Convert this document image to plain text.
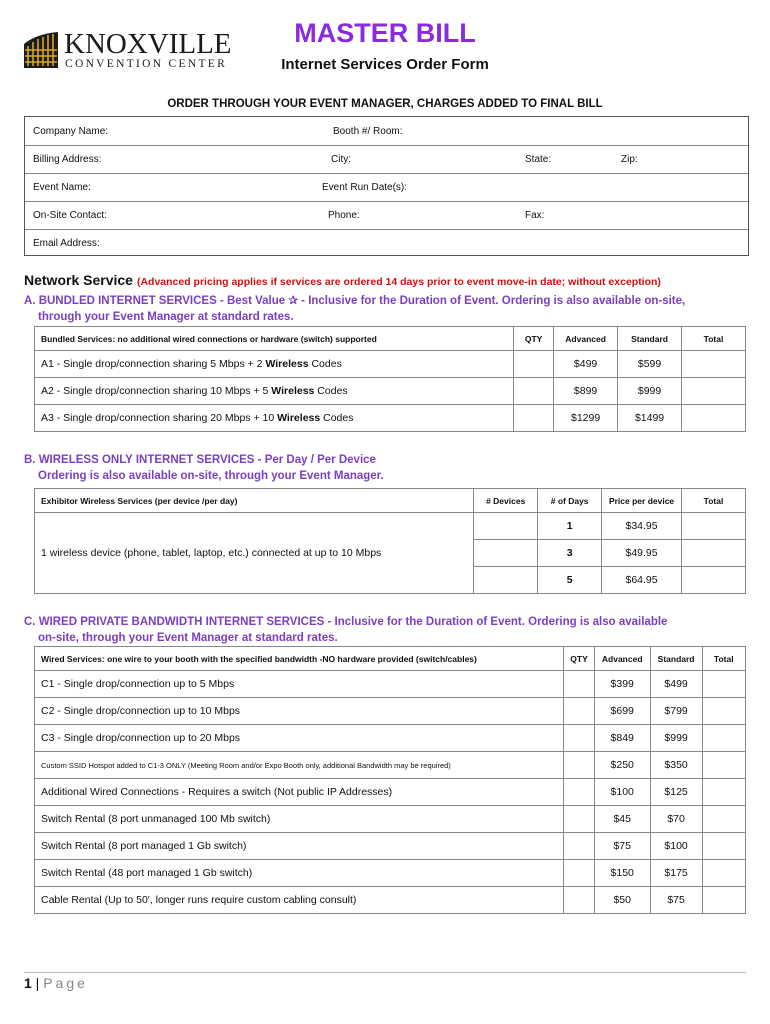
KNOXVILLE
CONVENTION CENTER
MASTER BILL
Internet Services Order Form
ORDER THROUGH YOUR EVENT MANAGER, CHARGES ADDED TO FINAL BILL
Company Name:	Booth #/ Room:
Billing Address:	City:	State:	Zip:
Event Name:	Event Run Date(s):
On-Site Contact:	Phone:	Fax:
Email Address:
Network Service (Advanced pricing applies if services are ordered 14 days prior to event move-in date; without exception)
A. BUNDLED INTERNET SERVICES - Best Value ✰ - Inclusive for the Duration of Event. Ordering is also available on-site,
through your Event Manager at standard rates.
Bundled Services: no additional wired connections or hardware (switch) supported	QTY	Advanced	Standard	Total
A1 - Single drop/connection sharing 5 Mbps + 2 Wireless Codes		$499	$599	
A2 - Single drop/connection sharing 10 Mbps + 5 Wireless Codes		$899	$999	
A3 - Single drop/connection sharing 20 Mbps + 10 Wireless Codes		$1299	$1499	
B. WIRELESS ONLY INTERNET SERVICES - Per Day / Per Device
Ordering is also available on-site, through your Event Manager.
Exhibitor Wireless Services (per device /per day)	# Devices	# of Days	Price per device	Total
1 wireless device (phone, tablet, laptop, etc.) connected at up to 10 Mbps		1	$34.95	
		3	$49.95	
		5	$64.95	
C. WIRED PRIVATE BANDWIDTH INTERNET SERVICES - Inclusive for the Duration of Event. Ordering is also available
on-site, through your Event Manager at standard rates.
Wired Services: one wire to your booth with the specified bandwidth -NO hardware provided (switch/cables)	QTY	Advanced	Standard	Total
C1 - Single drop/connection up to 5 Mbps		$399	$499	
C2 - Single drop/connection up to 10 Mbps		$699	$799	
C3 - Single drop/connection up to 20 Mbps		$849	$999	
Custom SSID Hotspot added to C1-3 ONLY (Meeting Room and/or Expo Booth only, additional Bandwidth may be required)		$250	$350	
Additional Wired Connections - Requires a switch (Not public IP Addresses)		$100	$125	
Switch Rental (8 port unmanaged 100 Mb switch)		$45	$70	
Switch Rental (8 port managed 1 Gb switch)		$75	$100	
Switch Rental (48 port managed 1 Gb switch)		$150	$175	
Cable Rental (Up to 50', longer runs require custom cabling consult)		$50	$75	
1 | Page
